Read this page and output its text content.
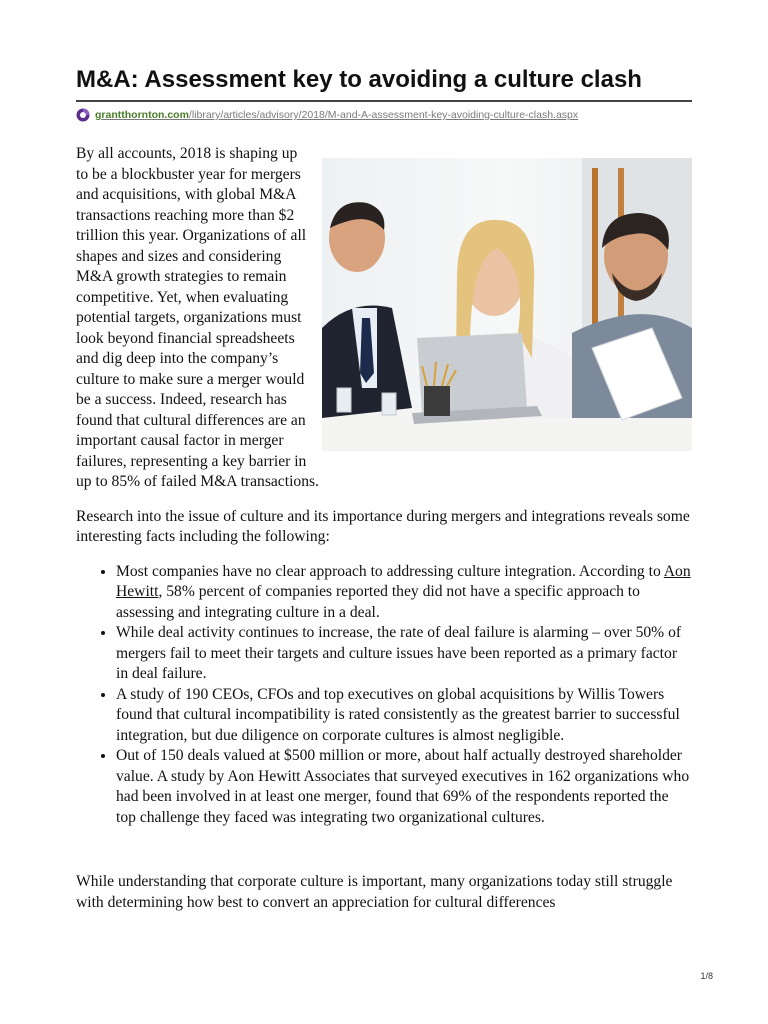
M&A: Assessment key to avoiding a culture clash
grantthornton.com/library/articles/advisory/2018/M-and-A-assessment-key-avoiding-culture-clash.aspx

By all accounts, 2018 is shaping up to be a blockbuster year for mergers and acquisitions, with global M&A transactions reaching more than $2 trillion this year. Organizations of all shapes and sizes and considering M&A growth strategies to remain competitive. Yet, when evaluating potential targets, organizations must look beyond financial spreadsheets and dig deep into the company’s culture to make sure a merger would be a success. Indeed, research has found that cultural differences are an important causal factor in merger failures, representing a key barrier in up to 85% of failed M&A transactions.

Research into the issue of culture and its importance during mergers and integrations reveals some interesting facts including the following:

• Most companies have no clear approach to addressing culture integration. According to Aon Hewitt, 58% percent of companies reported they did not have a specific approach to assessing and integrating culture in a deal.
• While deal activity continues to increase, the rate of deal failure is alarming – over 50% of mergers fail to meet their targets and culture issues have been reported as a primary factor in deal failure.
• A study of 190 CEOs, CFOs and top executives on global acquisitions by Willis Towers found that cultural incompatibility is rated consistently as the greatest barrier to successful integration, but due diligence on corporate cultures is almost negligible.
• Out of 150 deals valued at $500 million or more, about half actually destroyed shareholder value. A study by Aon Hewitt Associates that surveyed executives in 162 organizations who had been involved in at least one merger, found that 69% of the respondents reported the top challenge they faced was integrating two organizational cultures.

While understanding that corporate culture is important, many organizations today still struggle with determining how best to convert an appreciation for cultural differences

1/8
